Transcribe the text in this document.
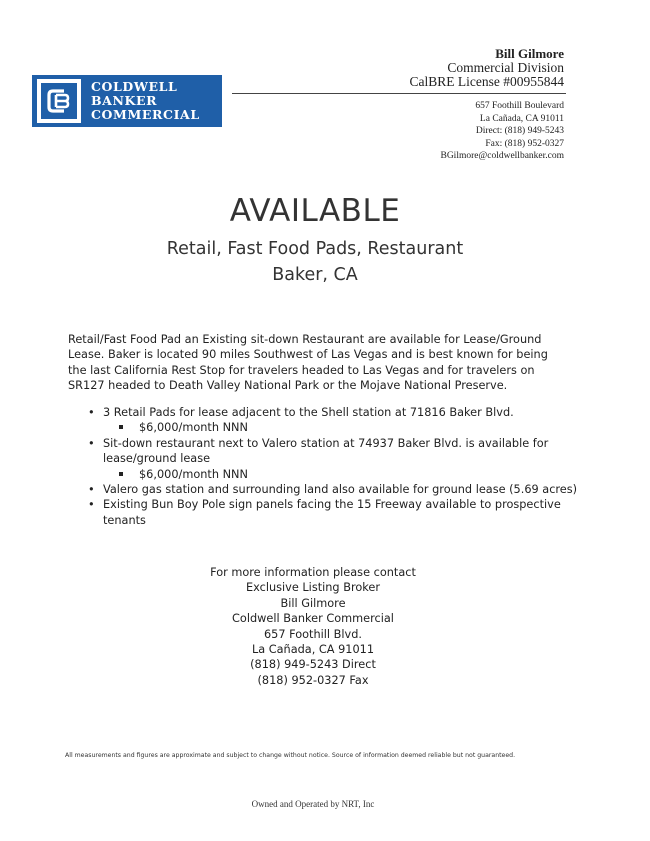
COLDWELL
BANKER
COMMERCIAL
Bill Gilmore
Commercial Division
CalBRE License #00955844
657 Foothill Boulevard
La Cañada, CA 91011
Direct: (818) 949-5243
Fax: (818) 952-0327
BGilmore@coldwellbanker.com
AVAILABLE
Retail, Fast Food Pads, Restaurant
Baker, CA
Retail/Fast Food Pad an Existing sit-down Restaurant are available for Lease/Ground Lease. Baker is located 90 miles Southwest of Las Vegas and is best known for being the last California Rest Stop for travelers headed to Las Vegas and for travelers on SR127 headed to Death Valley National Park or the Mojave National Preserve.
• 3 Retail Pads for lease adjacent to the Shell station at 71816 Baker Blvd.
$6,000/month NNN
• Sit-down restaurant next to Valero station at 74937 Baker Blvd. is available for lease/ground lease
$6,000/month NNN
• Valero gas station and surrounding land also available for ground lease (5.69 acres)
• Existing Bun Boy Pole sign panels facing the 15 Freeway available to prospective tenants
For more information please contact
Exclusive Listing Broker
Bill Gilmore
Coldwell Banker Commercial
657 Foothill Blvd.
La Cañada, CA 91011
(818) 949-5243 Direct
(818) 952-0327 Fax
All measurements and figures are approximate and subject to change without notice. Source of information deemed reliable but not guaranteed.
Owned and Operated by NRT, Inc
